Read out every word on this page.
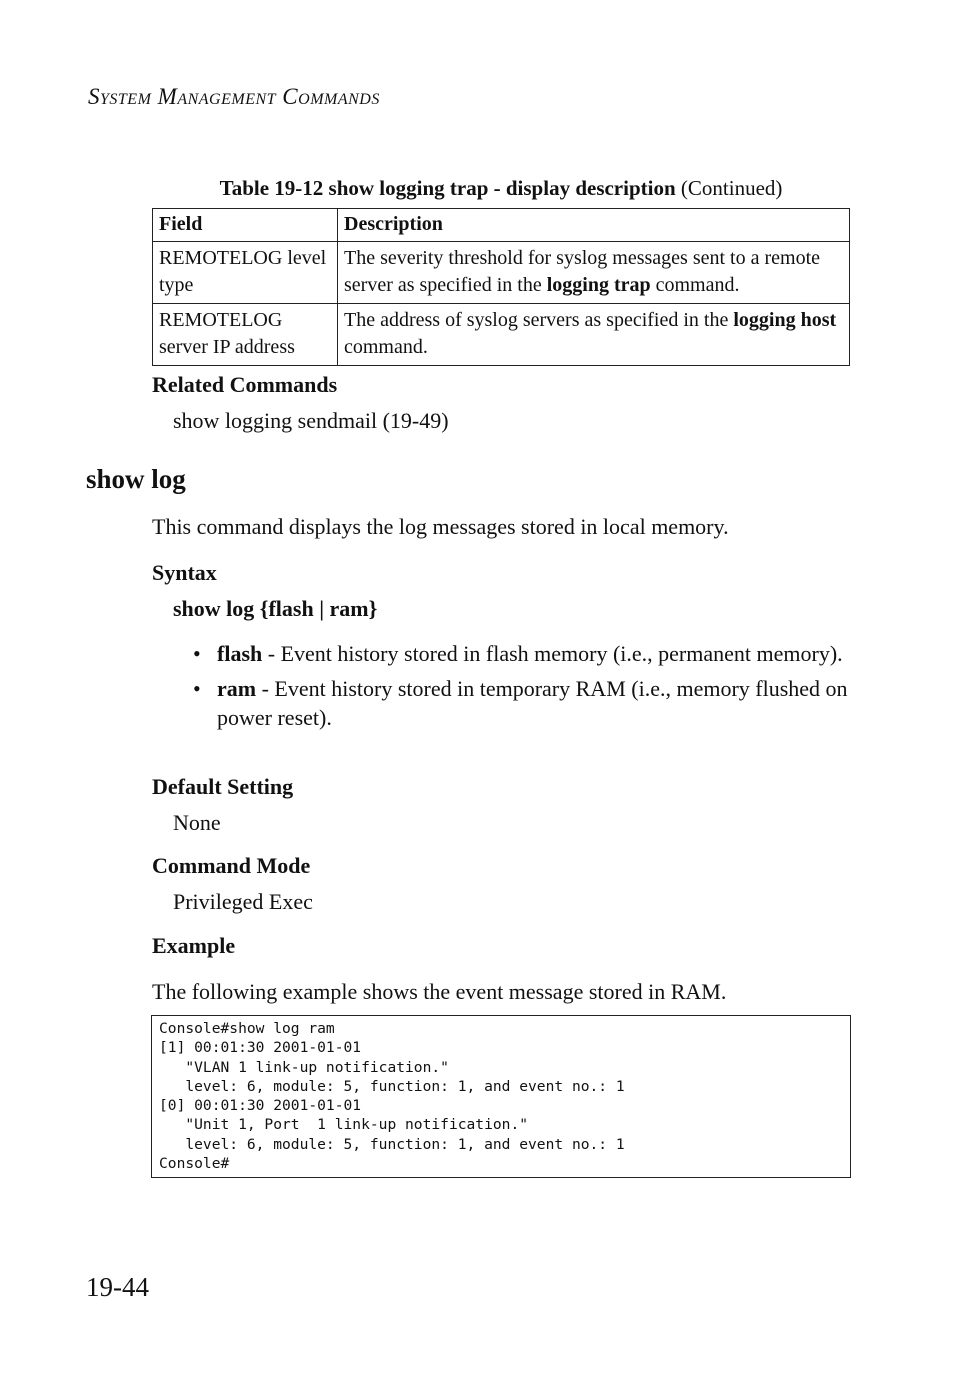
SYSTEM MANAGEMENT COMMANDS
Table 19-12 show logging trap - display description (Continued)
Field	Description
REMOTELOG level type	The severity threshold for syslog messages sent to a remote server as specified in the logging trap command.
REMOTELOG server IP address	The address of syslog servers as specified in the logging host command.
Related Commands
show logging sendmail (19-49)
show log
This command displays the log messages stored in local memory.
Syntax
show log {flash | ram}
• flash - Event history stored in flash memory (i.e., permanent memory).
• ram - Event history stored in temporary RAM (i.e., memory flushed on power reset).
Default Setting
None
Command Mode
Privileged Exec
Example
The following example shows the event message stored in RAM.
Console#show log ram
[1] 00:01:30 2001-01-01
"VLAN 1 link-up notification."
level: 6, module: 5, function: 1, and event no.: 1
[0] 00:01:30 2001-01-01
"Unit 1, Port  1 link-up notification."
level: 6, module: 5, function: 1, and event no.: 1
Console#
19-44
